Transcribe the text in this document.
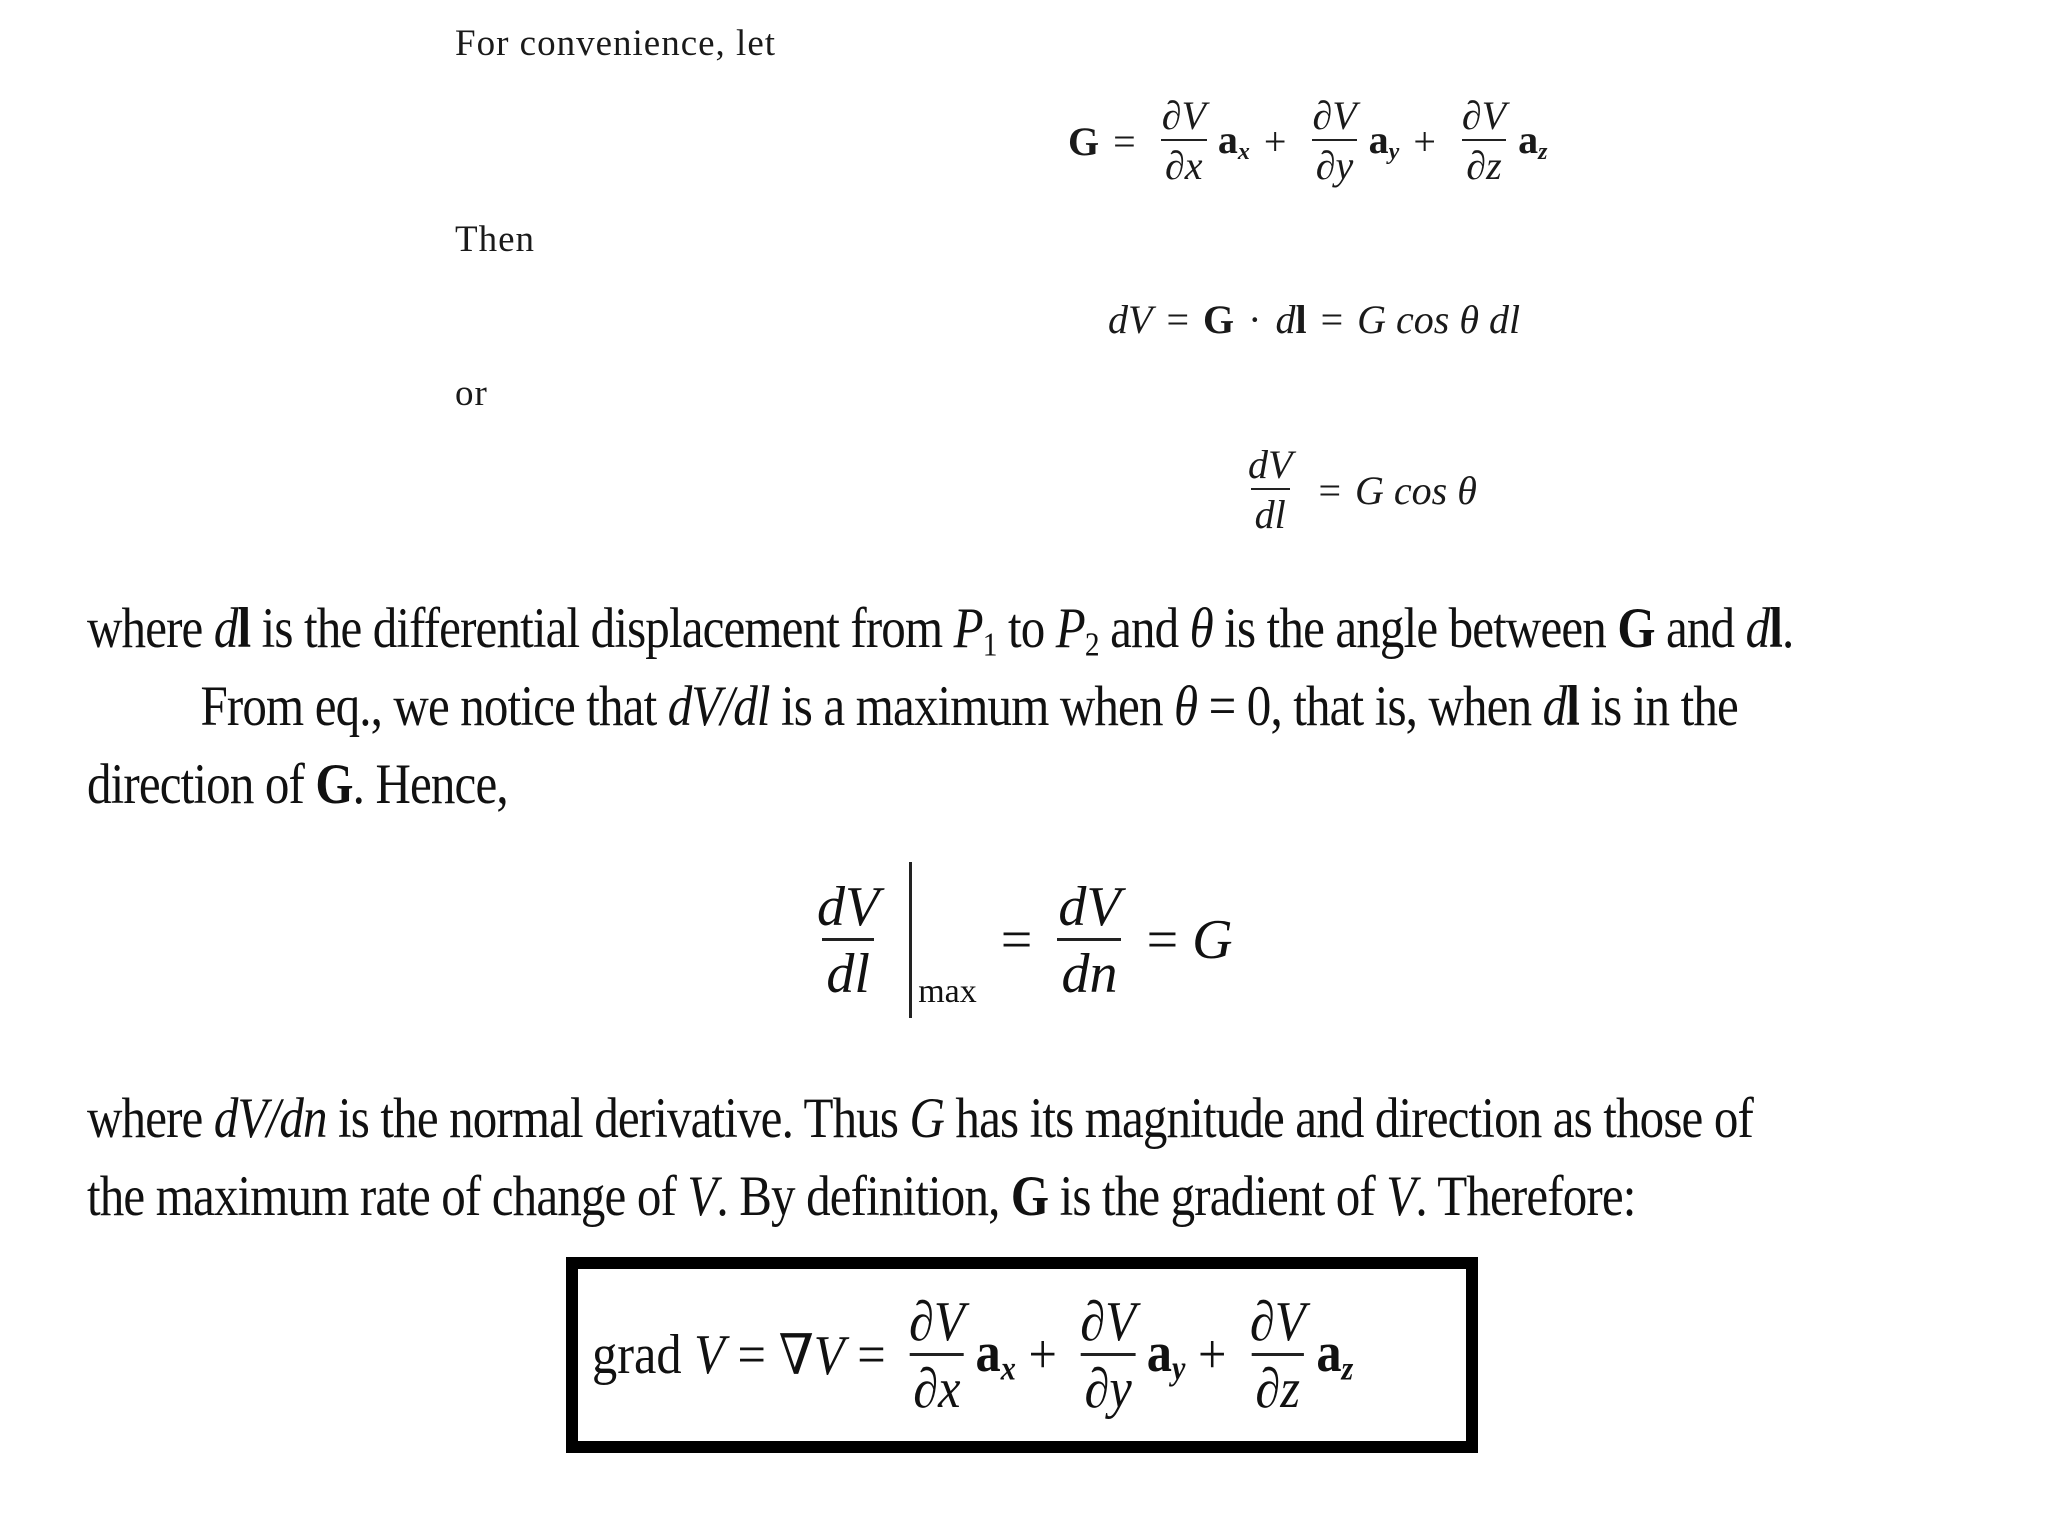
For convenience, let
Then
or
$G = \frac{\partial V}{\partial x} a_x + \frac{\partial V}{\partial y} a_y + \frac{\partial V}{\partial z} a_z$
dV = G · dl = G cos θ dl
$\frac{dV}{dl} = G$ cos θ
where dl is the differential displacement from $P_1$ to $P_2$ and θ is the angle between G and dl.
From eq., we notice that dV/dl is a maximum when θ = 0, that is, when dl is in the
direction of G. Hence,
$\frac{dV}{dl}$ max
= $\frac{dV}{dn} = G$
where dV/dn is the normal derivative. Thus G has its magnitude and direction as those of
the maximum rate of change of V. By definition, G is the gradient of V. Therefore:
grad $V = \nabla V = \frac{\partial V}{\partial x} a_x + \frac{\partial V}{\partial y} a_y + \frac{\partial V}{\partial z} a_z$
